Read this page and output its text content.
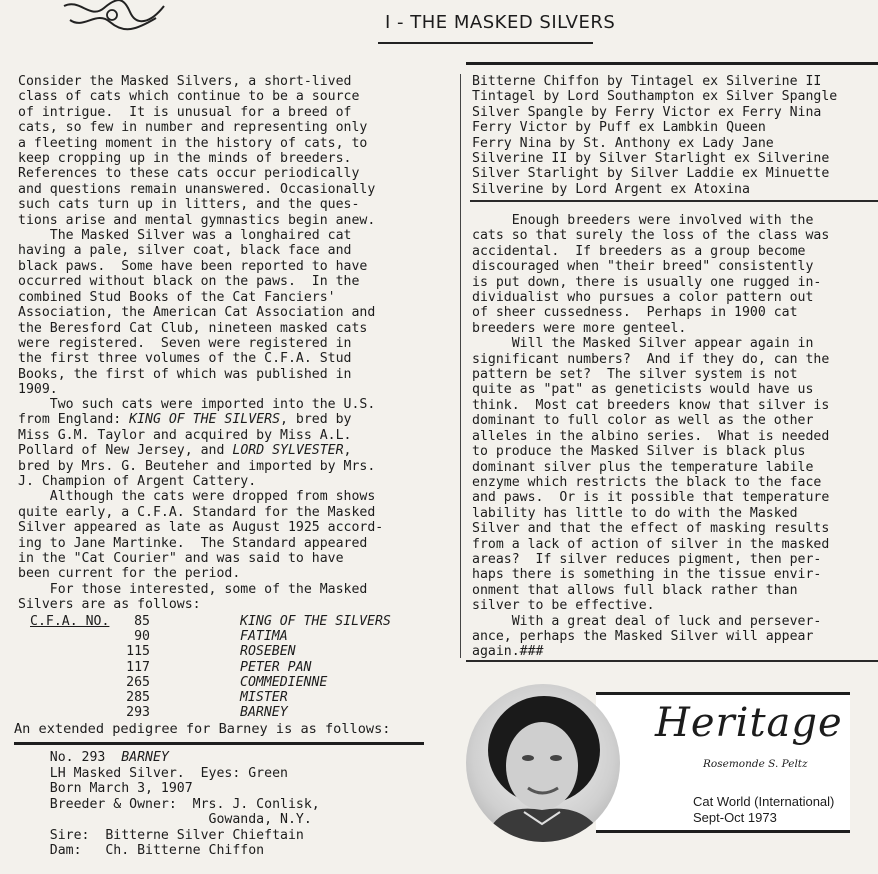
I - THE MASKED SILVERS
Consider the Masked Silvers, a short-lived
class of cats which continue to be a source
of intrigue.  It is unusual for a breed of
cats, so few in number and representing only
a fleeting moment in the history of cats, to
keep cropping up in the minds of breeders.
References to these cats occur periodically
and questions remain unanswered. Occasionally
such cats turn up in litters, and the ques-
tions arise and mental gymnastics begin anew.
The Masked Silver was a longhaired cat
having a pale, silver coat, black face and
black paws.  Some have been reported to have
occurred without black on the paws.  In the
combined Stud Books of the Cat Fanciers'
Association, the American Cat Association and
the Beresford Cat Club, nineteen masked cats
were registered.  Seven were registered in
the first three volumes of the C.F.A. Stud
Books, the first of which was published in
1909.
Two such cats were imported into the U.S.
from England: KING OF THE SILVERS, bred by
Miss G.M. Taylor and acquired by Miss A.L.
Pollard of New Jersey, and LORD SYLVESTER,
bred by Mrs. G. Beuteher and imported by Mrs.
J. Champion of Argent Cattery.
Although the cats were dropped from shows
quite early, a C.F.A. Standard for the Masked
Silver appeared as late as August 1925 accord-
ing to Jane Martinke.  The Standard appeared
in the "Cat Courier" and was said to have
been current for the period.
For those interested, some of the Masked
Silvers are as follows:
C.F.A. NO.	85	KING OF THE SILVERS
90	FATIMA
115	ROSEBEN
117	PETER PAN
265	COMMEDIENNE
285	MISTER
293	BARNEY
An extended pedigree for Barney is as follows:
No. 293 BARNEY
LH Masked Silver.  Eyes: Green
Born March 3, 1907
Breeder & Owner:  Mrs. J. Conlisk,
Gowanda, N.Y.
Sire:  Bitterne Silver Chieftain
Dam:   Ch. Bitterne Chiffon
Bitterne Chiffon by Tintagel ex Silverine II
Tintagel by Lord Southampton ex Silver Spangle
Silver Spangle by Ferry Victor ex Ferry Nina
Ferry Victor by Puff ex Lambkin Queen
Ferry Nina by St. Anthony ex Lady Jane
Silverine II by Silver Starlight ex Silverine
Silver Starlight by Silver Laddie ex Minuette
Silverine by Lord Argent ex Atoxina
Enough breeders were involved with the
cats so that surely the loss of the class was
accidental.  If breeders as a group become
discouraged when "their breed" consistently
is put down, there is usually one rugged in-
dividualist who pursues a color pattern out
of sheer cussedness.  Perhaps in 1900 cat
breeders were more genteel.
Will the Masked Silver appear again in
significant numbers?  And if they do, can the
pattern be set?  The silver system is not
quite as "pat" as geneticists would have us
think.  Most cat breeders know that silver is
dominant to full color as well as the other
alleles in the albino series.  What is needed
to produce the Masked Silver is black plus
dominant silver plus the temperature labile
enzyme which restricts the black to the face
and paws.  Or is it possible that temperature
lability has little to do with the Masked
Silver and that the effect of masking results
from a lack of action of silver in the masked
areas?  If silver reduces pigment, then per-
haps there is something in the tissue envir-
onment that allows full black rather than
silver to be effective.
With a great deal of luck and persever-
ance, perhaps the Masked Silver will appear
again.###
Heritage
Rosemonde S. Peltz
Cat World (International)
Sept-Oct 1973
